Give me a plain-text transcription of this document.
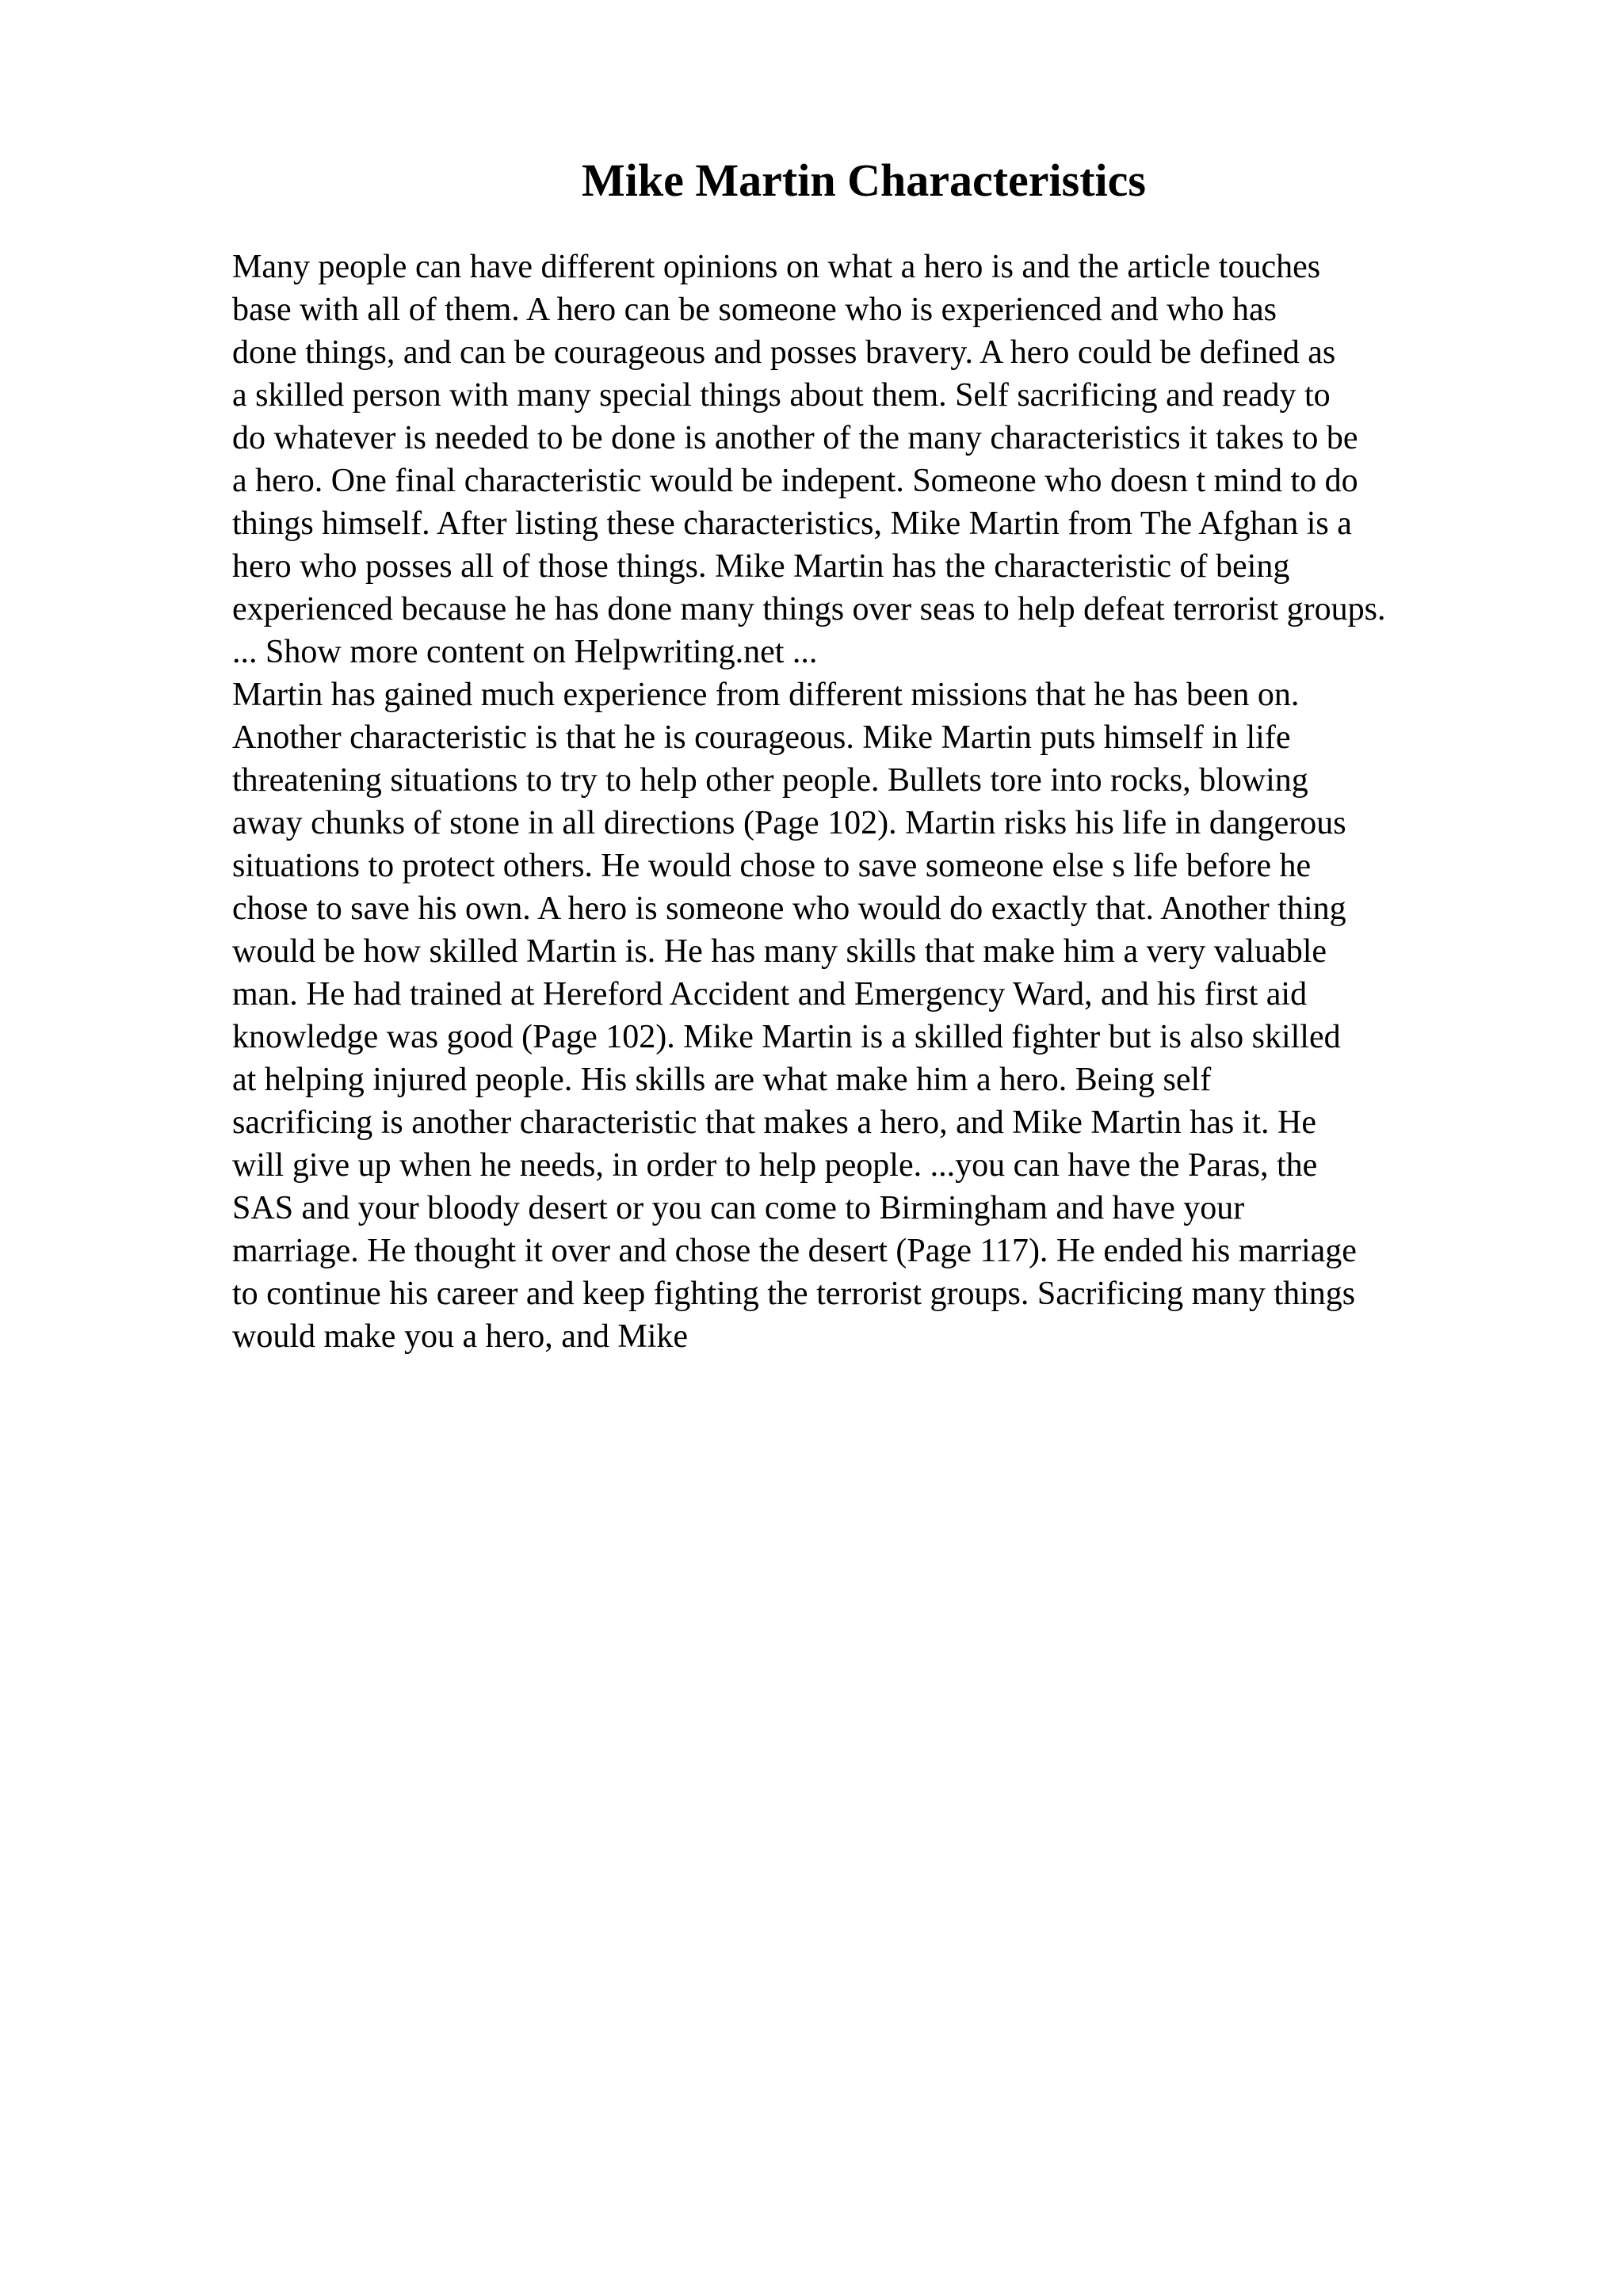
Mike Martin Characteristics
Many people can have different opinions on what a hero is and the article touches
base with all of them. A hero can be someone who is experienced and who has
done things, and can be courageous and posses bravery. A hero could be defined as
a skilled person with many special things about them. Self sacrificing and ready to
do whatever is needed to be done is another of the many characteristics it takes to be
a hero. One final characteristic would be indepent. Someone who doesn t mind to do
things himself. After listing these characteristics, Mike Martin from The Afghan is a
hero who posses all of those things. Mike Martin has the characteristic of being
experienced because he has done many things over seas to help defeat terrorist groups.
... Show more content on Helpwriting.net ...
Martin has gained much experience from different missions that he has been on.
Another characteristic is that he is courageous. Mike Martin puts himself in life
threatening situations to try to help other people. Bullets tore into rocks, blowing
away chunks of stone in all directions (Page 102). Martin risks his life in dangerous
situations to protect others. He would chose to save someone else s life before he
chose to save his own. A hero is someone who would do exactly that. Another thing
would be how skilled Martin is. He has many skills that make him a very valuable
man. He had trained at Hereford Accident and Emergency Ward, and his first aid
knowledge was good (Page 102). Mike Martin is a skilled fighter but is also skilled
at helping injured people. His skills are what make him a hero. Being self
sacrificing is another characteristic that makes a hero, and Mike Martin has it. He
will give up when he needs, in order to help people. ...you can have the Paras, the
SAS and your bloody desert or you can come to Birmingham and have your
marriage. He thought it over and chose the desert (Page 117). He ended his marriage
to continue his career and keep fighting the terrorist groups. Sacrificing many things
would make you a hero, and Mike
